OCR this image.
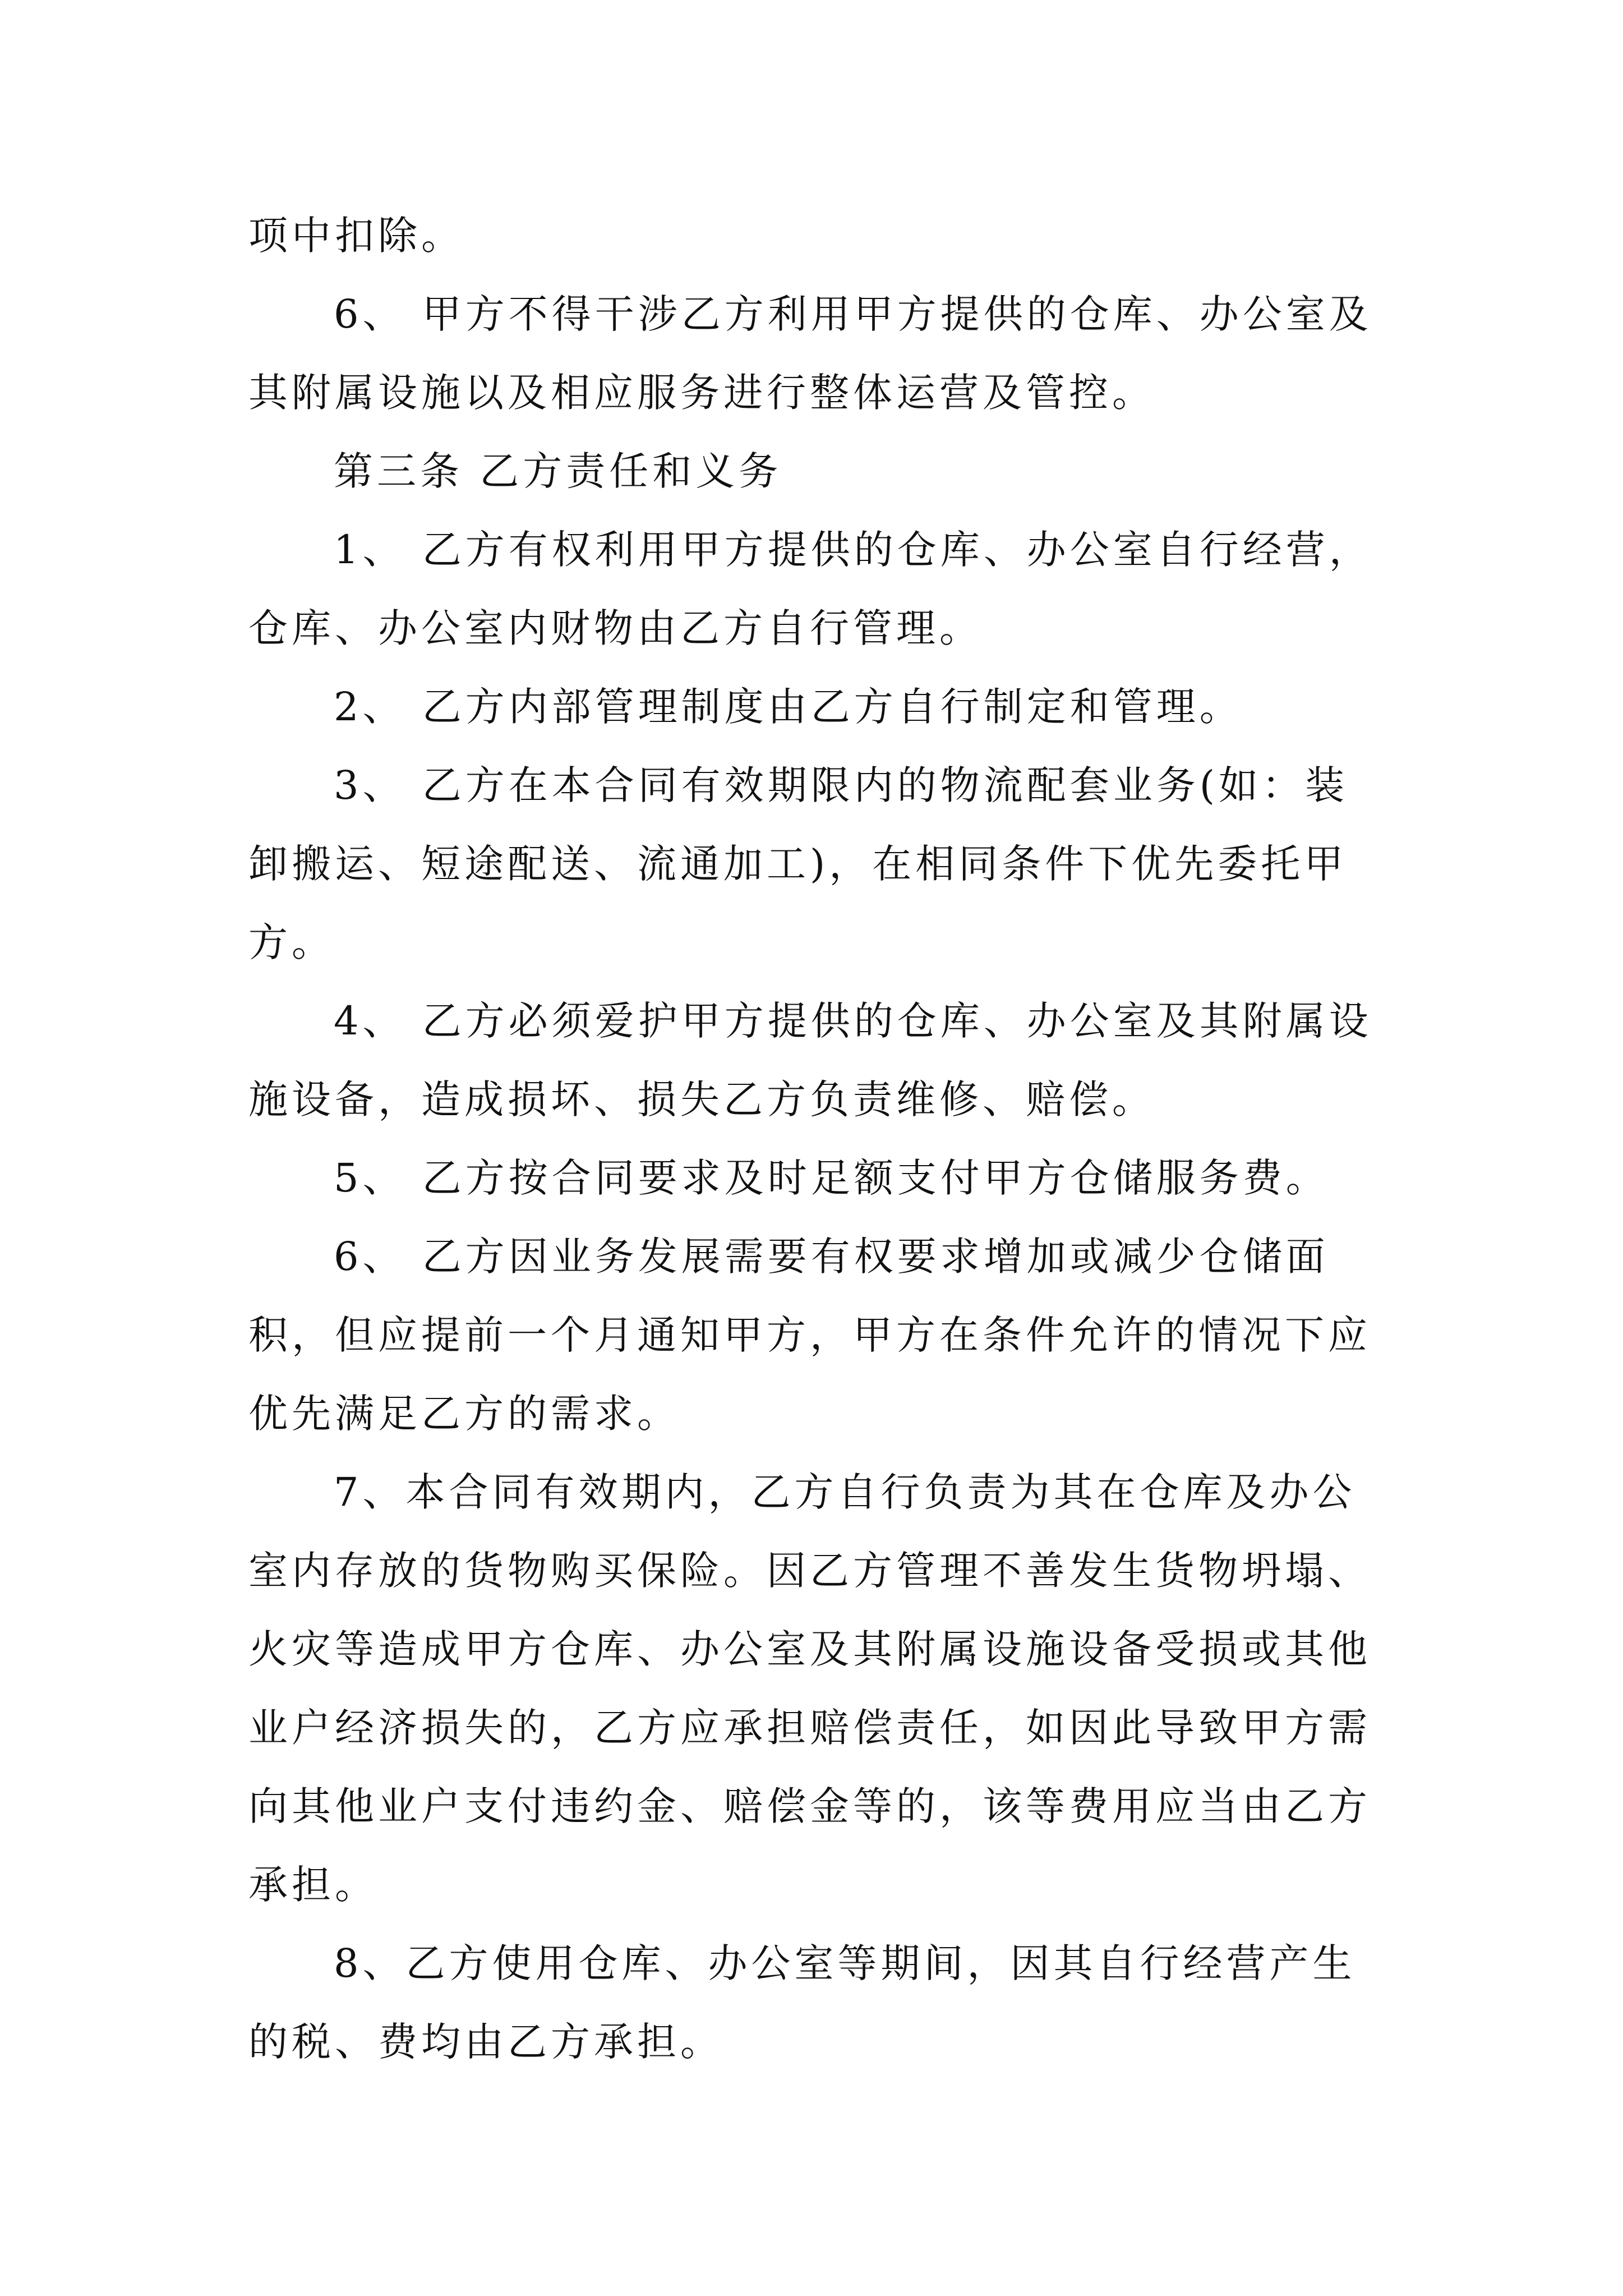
项中扣除。
6、 甲方不得干涉乙方利用甲方提供的仓库、办公室及
其附属设施以及相应服务进行整体运营及管控。
第三条 乙方责任和义务
1、 乙方有权利用甲方提供的仓库、办公室自行经营，
仓库、办公室内财物由乙方自行管理。
2、 乙方内部管理制度由乙方自行制定和管理。
3、 乙方在本合同有效期限内的物流配套业务(如：装
卸搬运、短途配送、流通加工)，在相同条件下优先委托甲
方。
4、 乙方必须爱护甲方提供的仓库、办公室及其附属设
施设备，造成损坏、损失乙方负责维修、赔偿。
5、 乙方按合同要求及时足额支付甲方仓储服务费。
6、 乙方因业务发展需要有权要求增加或减少仓储面
积，但应提前一个月通知甲方，甲方在条件允许的情况下应
优先满足乙方的需求。
7、本合同有效期内，乙方自行负责为其在仓库及办公
室内存放的货物购买保险。因乙方管理不善发生货物坍塌、
火灾等造成甲方仓库、办公室及其附属设施设备受损或其他
业户经济损失的，乙方应承担赔偿责任，如因此导致甲方需
向其他业户支付违约金、赔偿金等的，该等费用应当由乙方
承担。
8、乙方使用仓库、办公室等期间，因其自行经营产生
的税、费均由乙方承担。
